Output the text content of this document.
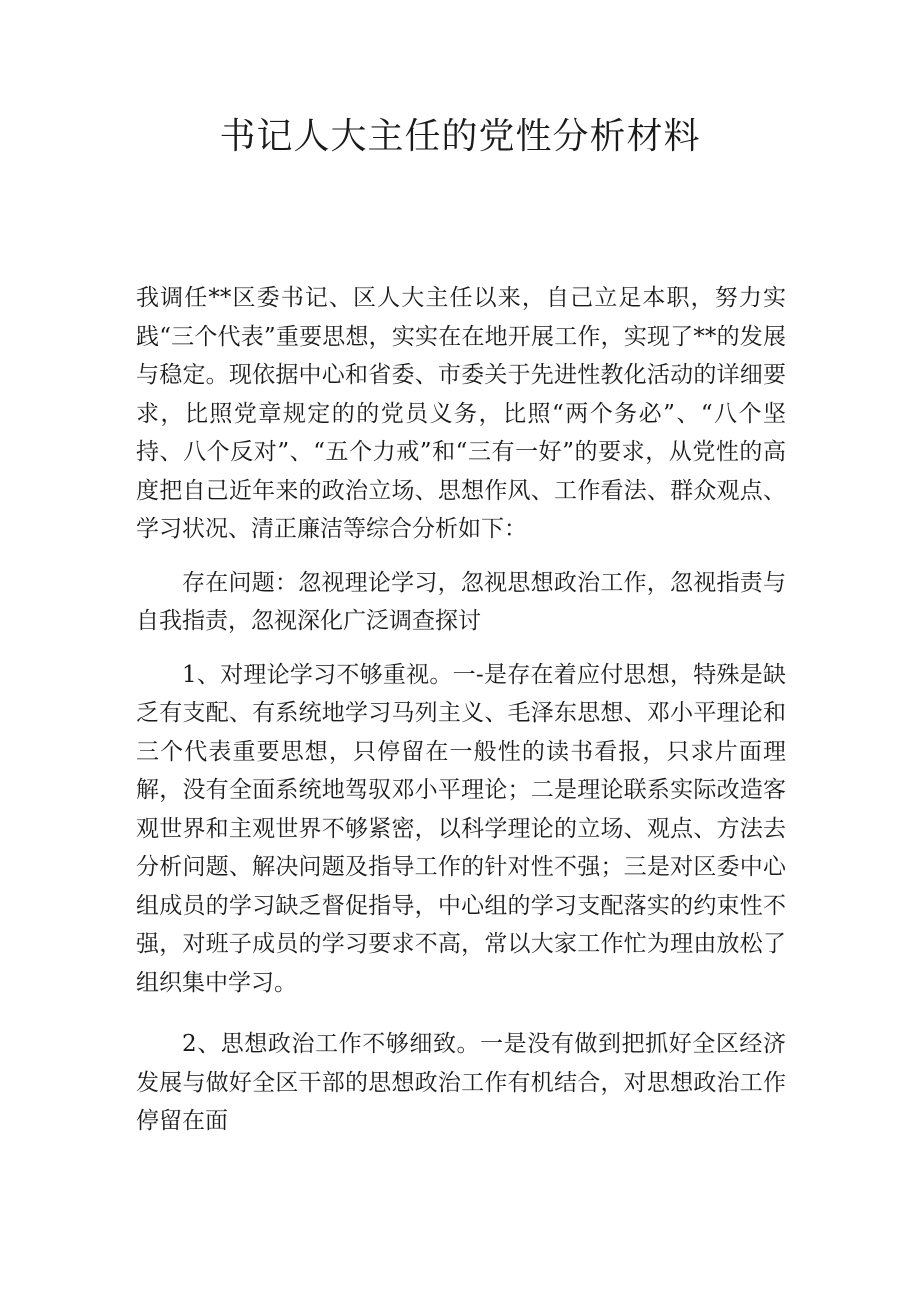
书记人大主任的党性分析材料

我调任**区委书记、区人大主任以来，自己立足本职，努力实践“三个代表”重要思想，实实在在地开展工作，实现了**的发展与稳定。现依据中心和省委、市委关于先进性教化活动的详细要求，比照党章规定的的党员义务，比照“两个务必”、“八个坚持、八个反对”、“五个力戒”和“三有一好”的要求，从党性的高度把自己近年来的政治立场、思想作风、工作看法、群众观点、学习状况、清正廉洁等综合分析如下：

存在问题：忽视理论学习，忽视思想政治工作，忽视指责与自我指责，忽视深化广泛调查探讨

1、对理论学习不够重视。一-是存在着应付思想，特殊是缺乏有支配、有系统地学习马列主义、毛泽东思想、邓小平理论和三个代表重要思想，只停留在一般性的读书看报，只求片面理解，没有全面系统地驾驭邓小平理论；二是理论联系实际改造客观世界和主观世界不够紧密，以科学理论的立场、观点、方法去分析问题、解决问题及指导工作的针对性不强；三是对区委中心组成员的学习缺乏督促指导，中心组的学习支配落实的约束性不强，对班子成员的学习要求不高，常以大家工作忙为理由放松了组织集中学习。

2、思想政治工作不够细致。一是没有做到把抓好全区经济发展与做好全区干部的思想政治工作有机结合，对思想政治工作停留在面
